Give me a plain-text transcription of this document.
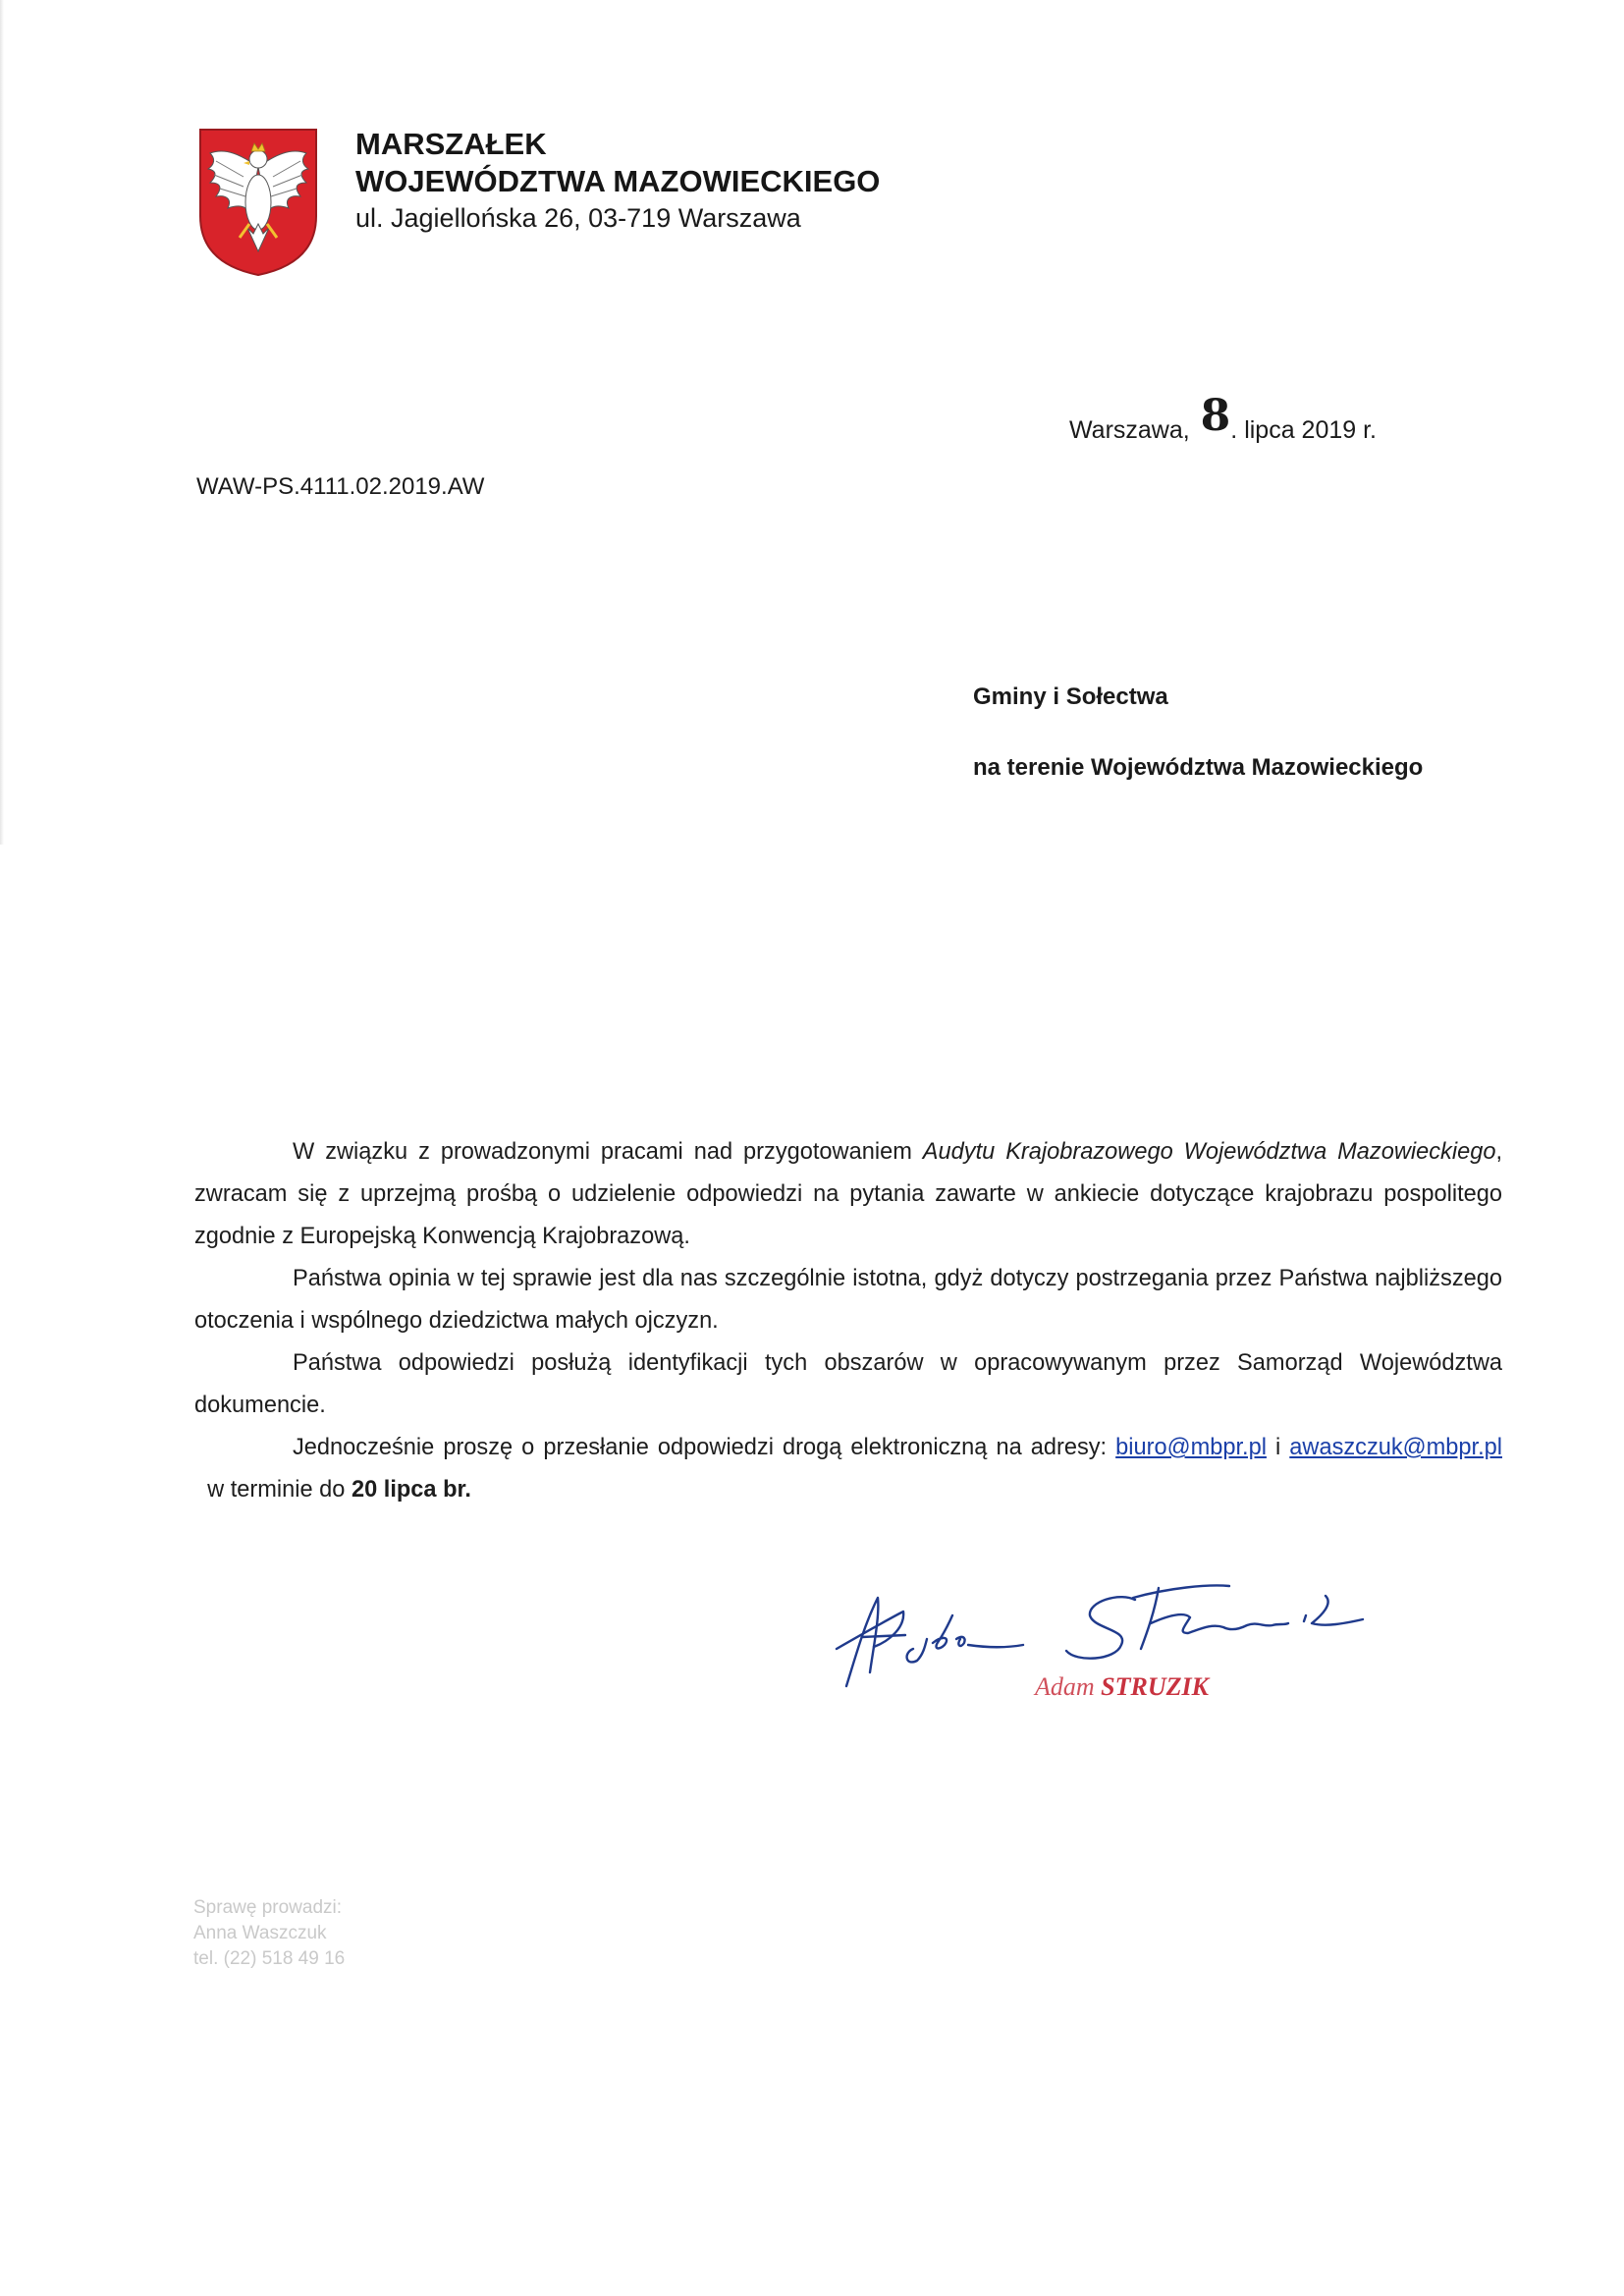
MARSZAŁEK
WOJEWÓDZTWA MAZOWIECKIEGO
ul. Jagiellońska 26, 03-719 Warszawa
Warszawa, 8. lipca 2019 r.
WAW-PS.4111.02.2019.AW
Gminy i Sołectwa
na terenie Województwa Mazowieckiego

W związku z prowadzonymi pracami nad przygotowaniem Audytu Krajobrazowego Województwa Mazowieckiego, zwracam się z uprzejmą prośbą o udzielenie odpowiedzi na pytania zawarte w ankiecie dotyczące krajobrazu pospolitego zgodnie z Europejską Konwencją Krajobrazową.

Państwa opinia w tej sprawie jest dla nas szczególnie istotna, gdyż dotyczy postrzegania przez Państwa najbliższego otoczenia i wspólnego dziedzictwa małych ojczyzn.

Państwa odpowiedzi posłużą identyfikacji tych obszarów w opracowywanym przez Samorząd Województwa dokumencie.

Jednocześnie proszę o przesłanie odpowiedzi drogą elektroniczną na adresy: biuro@mbpr.pl i awaszczuk@mbpr.pl  w terminie do 20 lipca br.

Adam STRUZIK
Sprawę prowadzi:
Anna Waszczuk
tel. (22) 518 49 16
